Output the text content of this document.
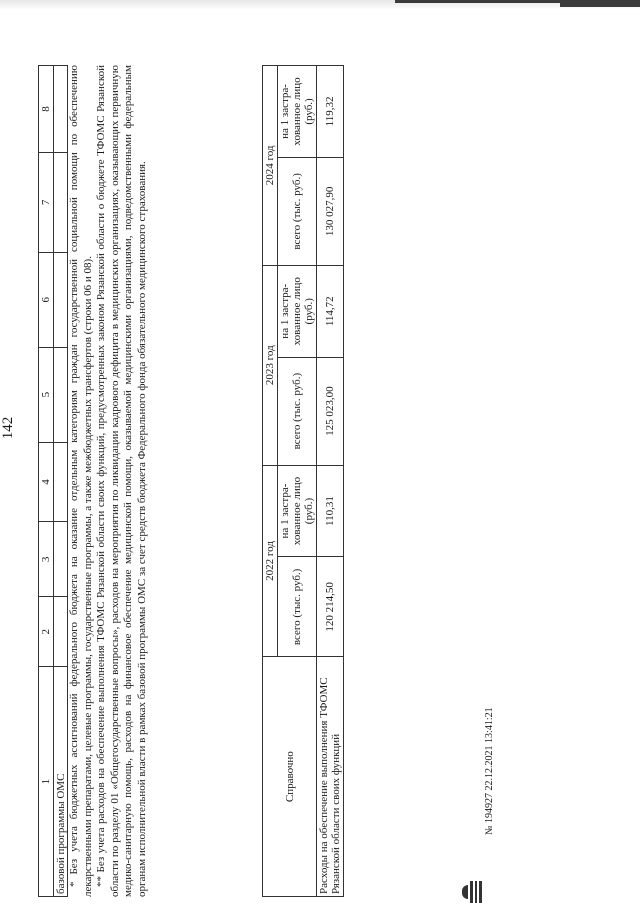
142
1	2	3	4	5	6	7	8
базовой программы ОМС							* Без учета бюджетных ассигнований федерального бюджета на оказание отдельным категориям граждан государственной социальной помощи по обеспечению лекарственными препаратами, целевые программы, государственные программы, а также межбюджетных трансфертов (строки 06 и 08). ** Без учета расходов на обеспечение выполнения ТФОМС Рязанской области своих функций, предусмотренных законом Рязанской области о бюджете ТФОМС Рязанской области по разделу 01 «Общегосударственные вопросы», расходов на мероприятия по ликвидации кадрового дефицита в медицинских организациях, оказывающих первичную медико-санитарную помощь, расходов на финансовое обеспечение медицинской помощи, оказываемой медицинскими организациями, подведомственными федеральным органам исполнительной власти в рамках базовой программы ОМС за счет средств бюджета Федерального фонда обязательного медицинского страхования.	Справочно	2022 год		2023 год		2024 год	
	всего (тыс. руб.)	на 1 застра-хованное лицо (руб.)	всего (тыс. руб.)	на 1 застра-хованное лицо (руб.)	всего (тыс. руб.)	на 1 застра-хованное лицо (руб.)
Расходы на обеспечение выполнения ТФОМС Рязанской области своих функций	120 214,50	110,31	125 023,00	114,72	130 027,90	119,32
№ 194927 22.12.2021 13:41:21
